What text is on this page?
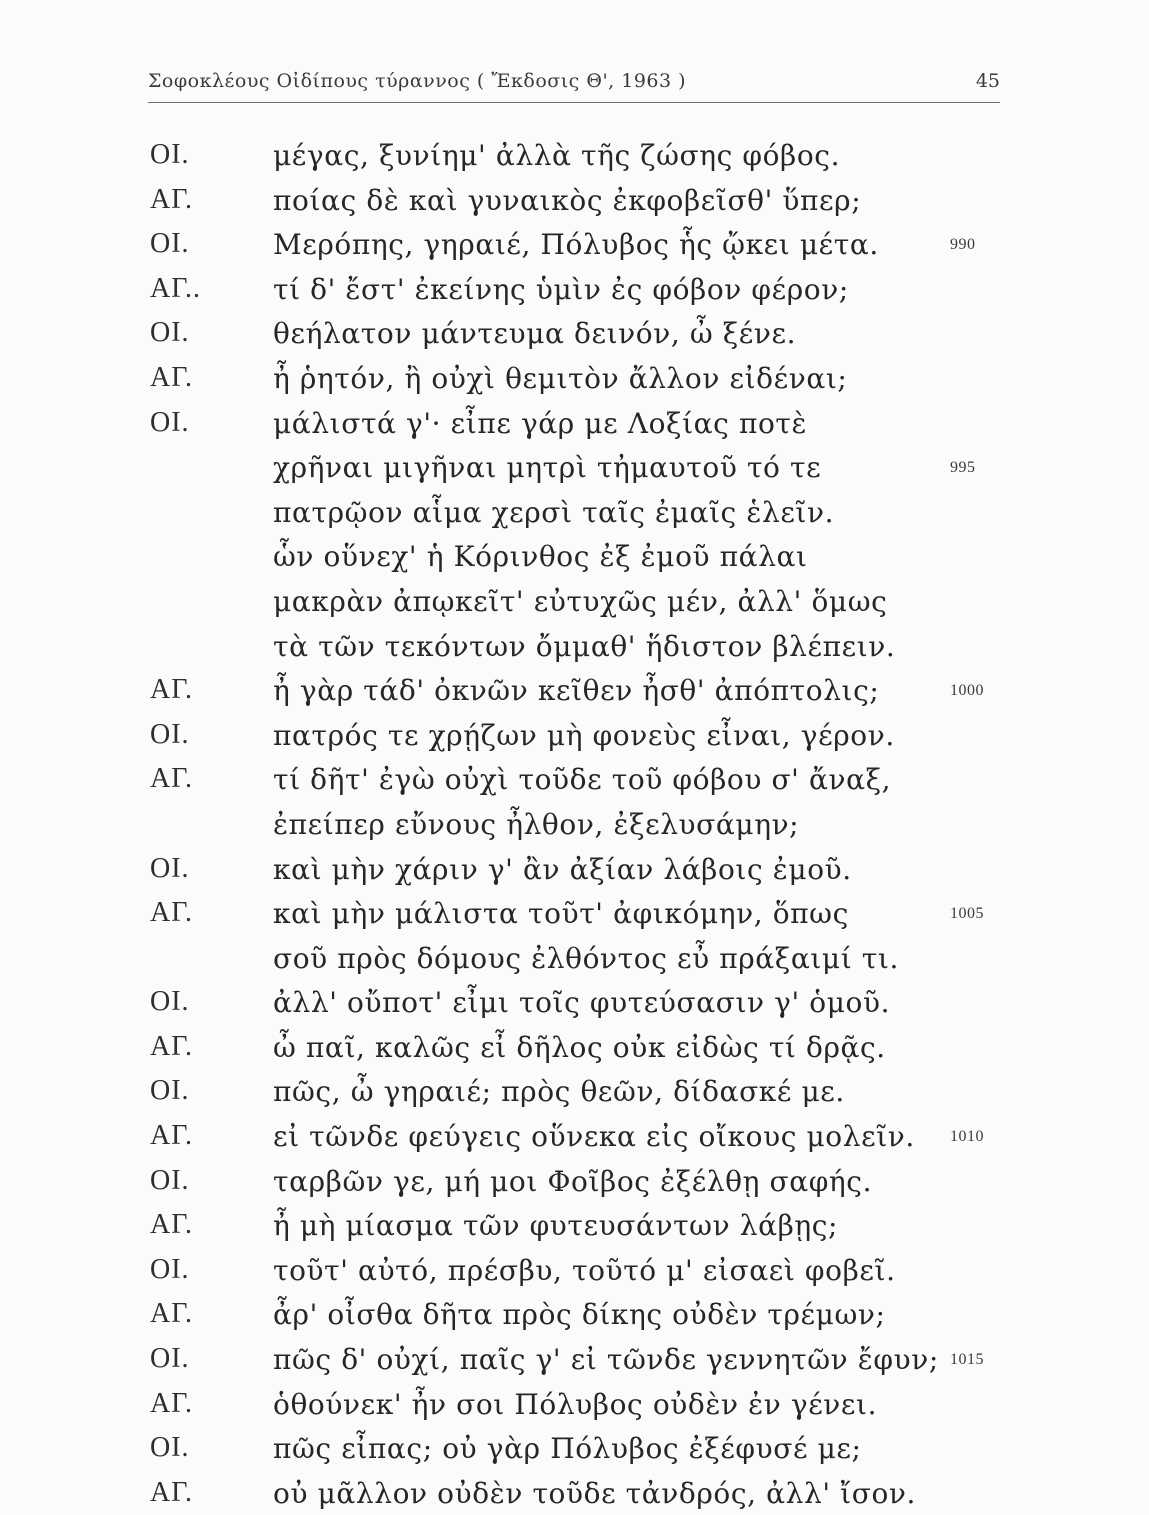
Σοφοκλέους Οἰδίπους τύραννος ( Ἔκδοσις Θ', 1963 )	45
ΟΙ.	μέγας, ξυνίημ' ἀλλὰ τῆς ζώσης φόβος.
ΑΓ.	ποίας δὲ καὶ γυναικὸς ἐκφοβεῖσθ' ὕπερ;
ΟΙ.	Μερόπης, γηραιέ, Πόλυβος ἧς ᾤκει μέτα.	990
ΑΓ..	τί δ' ἔστ' ἐκείνης ὑμὶν ἐς φόβον φέρον;
ΟΙ.	θεήλατον μάντευμα δεινόν, ὦ ξένε.
ΑΓ.	ἦ ῥητόν, ἢ οὐχὶ θεμιτὸν ἄλλον εἰδέναι;
ΟΙ.	μάλιστά γ'· εἶπε γάρ με Λοξίας ποτὲ
χρῆναι μιγῆναι μητρὶ τἠμαυτοῦ τό τε	995
πατρῷον αἷμα χερσὶ ταῖς ἐμαῖς ἑλεῖν.
ὧν οὕνεχ' ἡ Κόρινθος ἐξ ἐμοῦ πάλαι
μακρὰν ἀπῳκεῖτ' εὐτυχῶς μέν, ἀλλ' ὅμως
τὰ τῶν τεκόντων ὄμμαθ' ἥδιστον βλέπειν.
ΑΓ.	ἦ γὰρ τάδ' ὀκνῶν κεῖθεν ἦσθ' ἀπόπτολις;	1000
ΟΙ.	πατρός τε χρῄζων μὴ φονεὺς εἶναι, γέρον.
ΑΓ.	τί δῆτ' ἐγὼ οὐχὶ τοῦδε τοῦ φόβου σ' ἄναξ,
ἐπείπερ εὔνους ἦλθον, ἐξελυσάμην;
ΟΙ.	καὶ μὴν χάριν γ' ἂν ἀξίαν λάβοις ἐμοῦ.
ΑΓ.	καὶ μὴν μάλιστα τοῦτ' ἀφικόμην, ὅπως	1005
σοῦ πρὸς δόμους ἐλθόντος εὖ πράξαιμί τι.
ΟΙ.	ἀλλ' οὔποτ' εἶμι τοῖς φυτεύσασιν γ' ὁμοῦ.
ΑΓ.	ὦ παῖ, καλῶς εἶ δῆλος οὐκ εἰδὼς τί δρᾷς.
ΟΙ.	πῶς, ὦ γηραιέ; πρὸς θεῶν, δίδασκέ με.
ΑΓ.	εἰ τῶνδε φεύγεις οὕνεκα εἰς οἴκους μολεῖν. 1010
ΟΙ.	ταρβῶν γε, μή μοι Φοῖβος ἐξέλθῃ σαφής.
ΑΓ.	ἦ μὴ μίασμα τῶν φυτευσάντων λάβῃς;
ΟΙ.	τοῦτ' αὐτό, πρέσβυ, τοῦτό μ' εἰσαεὶ φοβεῖ.
ΑΓ.	ἆρ' οἶσθα δῆτα πρὸς δίκης οὐδὲν τρέμων;
ΟΙ.	πῶς δ' οὐχί, παῖς γ' εἰ τῶνδε γεννητῶν ἔφυν; 1015
ΑΓ.	ὁθούνεκ' ἦν σοι Πόλυβος οὐδὲν ἐν γένει.
ΟΙ.	πῶς εἶπας; οὐ γὰρ Πόλυβος ἐξέφυσέ με;
ΑΓ.	οὐ μᾶλλον οὐδὲν τοῦδε τἀνδρός, ἀλλ' ἴσον.
